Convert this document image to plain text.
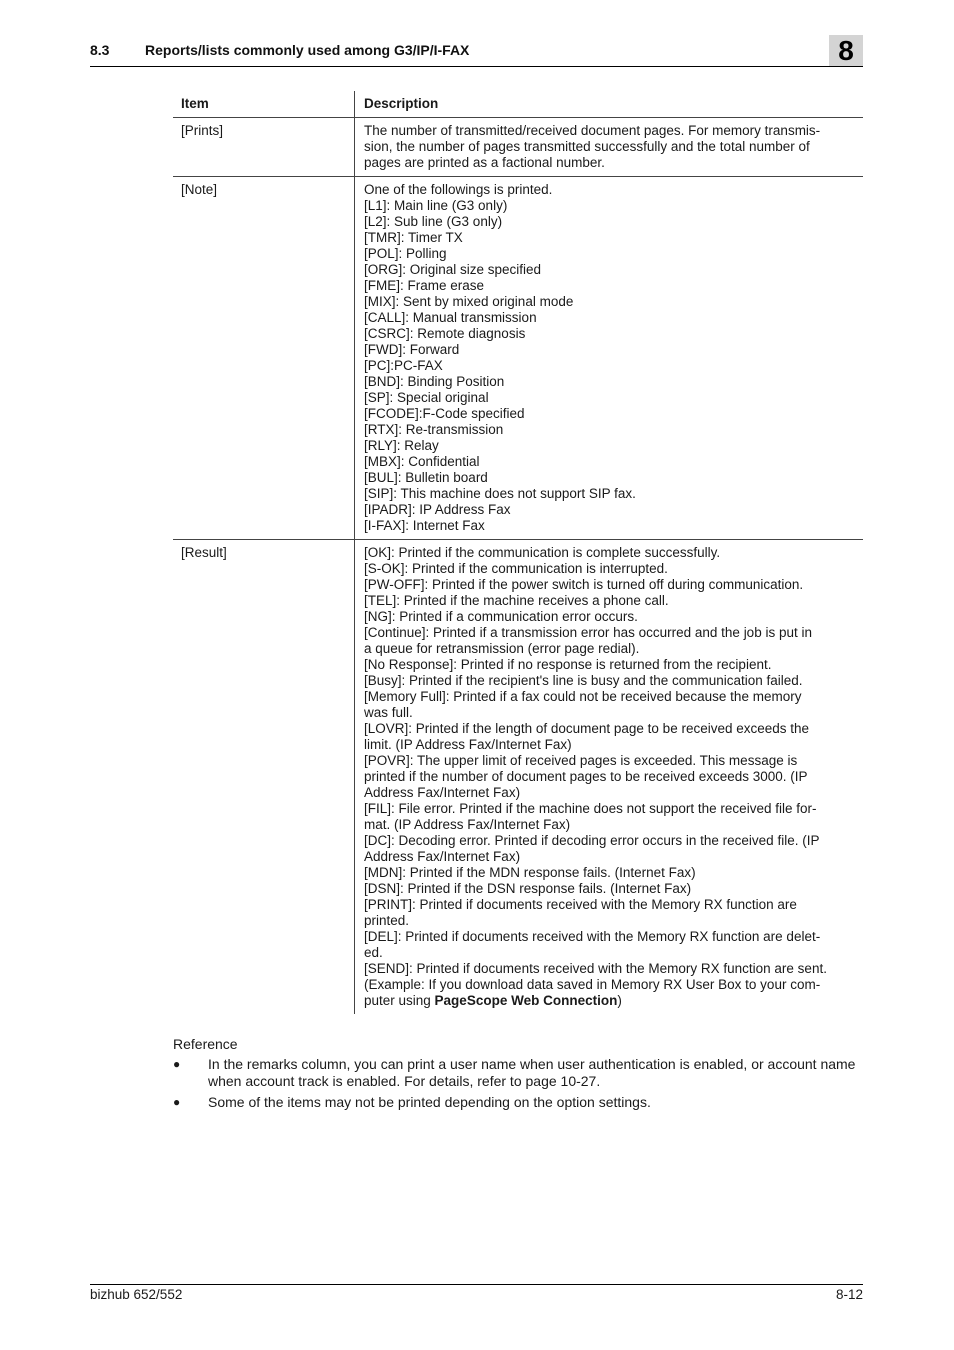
8.3	Reports/lists commonly used among G3/IP/I-FAX	8
Item	Description
[Prints]	The number of transmitted/received document pages. For memory transmis-
sion, the number of pages transmitted successfully and the total number of
pages are printed as a factional number.
[Note]	One of the followings is printed.
[L1]: Main line (G3 only)
[L2]: Sub line (G3 only)
[TMR]: Timer TX
[POL]: Polling
[ORG]: Original size specified
[FME]: Frame erase
[MIX]: Sent by mixed original mode
[CALL]: Manual transmission
[CSRC]: Remote diagnosis
[FWD]: Forward
[PC]:PC-FAX
[BND]: Binding Position
[SP]: Special original
[FCODE]:F-Code specified
[RTX]: Re-transmission
[RLY]: Relay
[MBX]: Confidential
[BUL]: Bulletin board
[SIP]: This machine does not support SIP fax.
[IPADR]: IP Address Fax
[I-FAX]: Internet Fax
[Result]	[OK]: Printed if the communication is complete successfully.
[S-OK]: Printed if the communication is interrupted.
[PW-OFF]: Printed if the power switch is turned off during communication.
[TEL]: Printed if the machine receives a phone call.
[NG]: Printed if a communication error occurs.
[Continue]: Printed if a transmission error has occurred and the job is put in
a queue for retransmission (error page redial).
[No Response]: Printed if no response is returned from the recipient.
[Busy]: Printed if the recipient's line is busy and the communication failed.
[Memory Full]: Printed if a fax could not be received because the memory
was full.
[LOVR]: Printed if the length of document page to be received exceeds the
limit. (IP Address Fax/Internet Fax)
[POVR]: The upper limit of received pages is exceeded. This message is
printed if the number of document pages to be received exceeds 3000. (IP
Address Fax/Internet Fax)
[FIL]: File error. Printed if the machine does not support the received file for-
mat. (IP Address Fax/Internet Fax)
[DC]: Decoding error. Printed if decoding error occurs in the received file. (IP
Address Fax/Internet Fax)
[MDN]: Printed if the MDN response fails. (Internet Fax)
[DSN]: Printed if the DSN response fails. (Internet Fax)
[PRINT]: Printed if documents received with the Memory RX function are
printed.
[DEL]: Printed if documents received with the Memory RX function are delet-
ed.
[SEND]: Printed if documents received with the Memory RX function are sent.
(Example: If you download data saved in Memory RX User Box to your com-
puter using PageScope Web Connection)
Reference
● In the remarks column, you can print a user name when user authentication is enabled, or account name when account track is enabled. For details, refer to page 10-27.
● Some of the items may not be printed depending on the option settings.
bizhub 652/552	8-12
